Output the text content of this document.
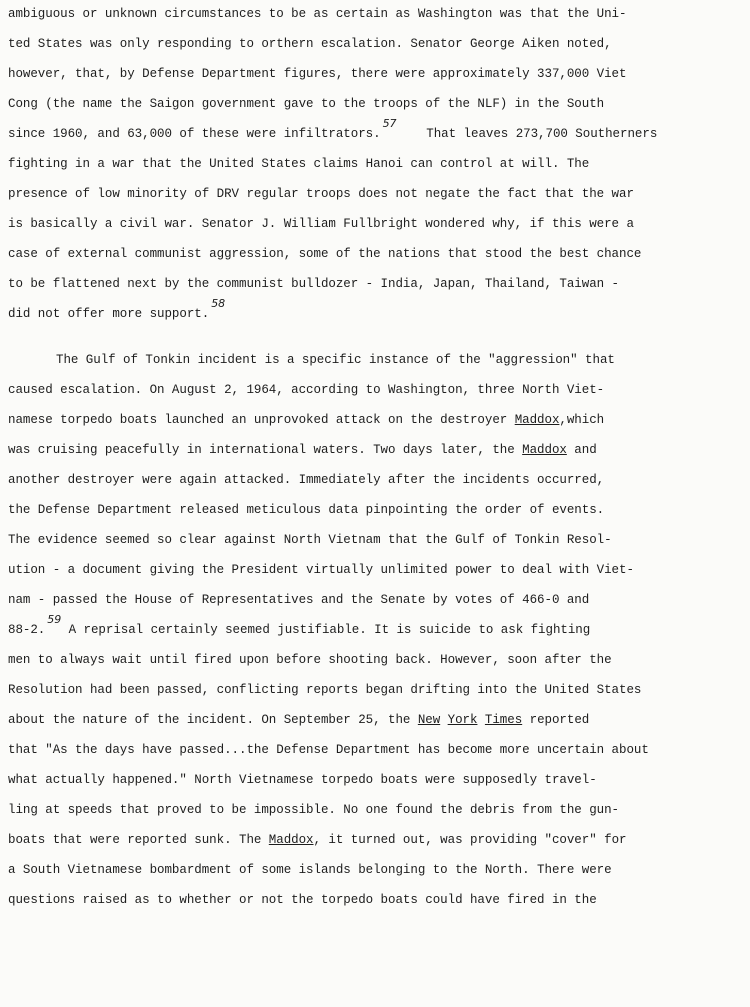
ambiguous or unknown circumstances to be as certain as Washington was that the Uni-
ted States was only responding to orthern escalation. Senator George Aiken noted,
however, that, by Defense Department figures, there were approximately 337,000 Viet
Cong (the name the Saigon government gave to the troops of the NLF) in the South
since 1960, and 63,000 of these were infiltrators.$^{57}$    That leaves 273,700 Southerners
fighting in a war that the United States claims Hanoi can control at will. The
presence of low minority of DRV regular troops does not negate the fact that the war
is basically a civil war. Senator J. William Fullbright wondered why, if this were a
case of external communist aggression, some of the nations that stood the best chance
to be flattened next by the communist bulldozer - India, Japan, Thailand, Taiwan -
did not offer more support.$^{58}$
The Gulf of Tonkin incident is a specific instance of the "aggression" that
caused escalation. On August 2, 1964, according to Washington, three North Viet-
namese torpedo boats launched an unprovoked attack on the destroyer Maddox,which
was cruising peacefully in international waters. Two days later, the Maddox and
another destroyer were again attacked. Immediately after the incidents occurred,
the Defense Department released meticulous data pinpointing the order of events.
The evidence seemed so clear against North Vietnam that the Gulf of Tonkin Resol-
ution - a document giving the President virtually unlimited power to deal with Viet-
nam - passed the House of Representatives and the Senate by votes of 466-0 and
88-2.59 A reprisal certainly seemed justifiable. It is suicide to ask fighting
men to always wait until fired upon before shooting back. However, soon after the
Resolution had been passed, conflicting reports began drifting into the United States
about the nature of the incident. On September 25, the New York Times reported
that "As the days have passed...the Defense Department has become more uncertain about
what actually happened." North Vietnamese torpedo boats were supposedly travel-
ling at speeds that proved to be impossible. No one found the debris from the gun-
boats that were reported sunk. The Maddox, it turned out, was providing "cover" for
a South Vietnamese bombardment of some islands belonging to the North. There were
questions raised as to whether or not the torpedo boats could have fired in the
